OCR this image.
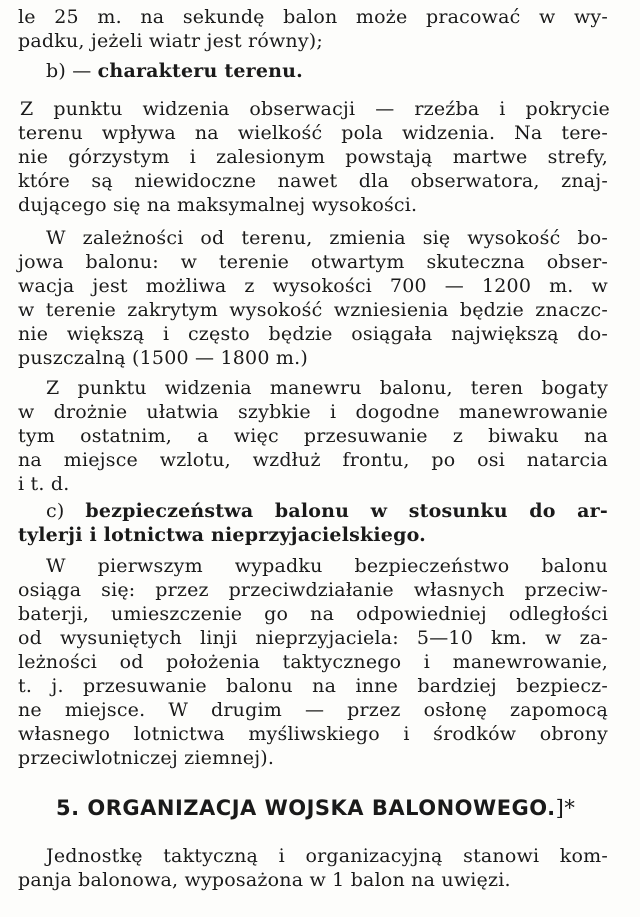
le 25 m. na sekundę balon może pracować w wy-
padku, jeżeli wiatr jest równy);
b) — charakteru terenu.
Z punktu widzenia obserwacji — rzeźba i pokrycie
terenu wpływa na wielkość pola widzenia. Na tere-
nie górzystym i zalesionym powstają martwe strefy,
które są niewidoczne nawet dla obserwatora, znaj-
dującego się na maksymalnej wysokości.
W zależności od terenu, zmienia się wysokość bo-
jowa balonu: w terenie otwartym skuteczna obser-
wacja jest możliwa z wysokości 700 — 1200 m. w
w terenie zakrytym wysokość wzniesienia będzie znaczc-
nie większą i często będzie osiągała największą do-
puszczalną (1500 — 1800 m.)
Z punktu widzenia manewru balonu, teren bogaty
w drożnie ułatwia szybkie i dogodne manewrowanie
tym ostatnim, a więc przesuwanie z biwaku na
na miejsce wzlotu, wzdłuż frontu, po osi natarcia
i t. d.
c) bezpieczeństwa balonu w stosunku do ar-
tylerji i lotnictwa nieprzyjacielskiego.
W pierwszym wypadku bezpieczeństwo balonu
osiąga się: przez przeciwdziałanie własnych przeciw-
baterji, umieszczenie go na odpowiedniej odległości
od wysuniętych linji nieprzyjaciela: 5—10 km. w za-
leżności od położenia taktycznego i manewrowanie,
t. j. przesuwanie balonu na inne bardziej bezpiecz-
ne miejsce. W drugim — przez osłonę zapomocą
własnego lotnictwa myśliwskiego i środków obrony
przeciwlotniczej ziemnej).
5. ORGANIZACJA WOJSKA BALONOWEGO.]*
Jednostkę taktyczną i organizacyjną stanowi kom-
panja balonowa, wyposażona w 1 balon na uwięzi.
